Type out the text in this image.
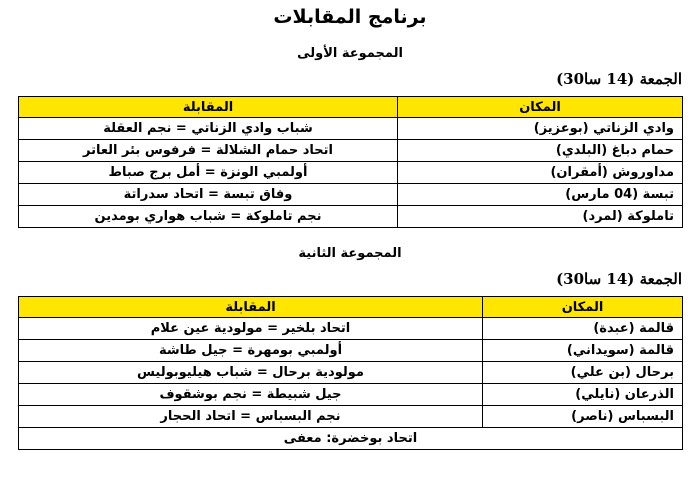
برنامج المقابلات
المجموعة الأولى
الجمعة (14 سا30)
المكان	المقابلة
وادي الزناتي (بوعزيز)	شباب وادي الزناتي = نجم العقلة
حمام دباغ (البلدي)	اتحاد حمام الشلالة = فرفوس بئر العاتر
مداوروش (أمقران)	أولمبي الونزة = أمل برج صباط
تبسة (04 مارس)	وفاق تبسة = اتحاد سدراتة
تاملوكة (لمرد)	نجم تاملوكة = شباب هواري بومدين
المجموعة الثانية
الجمعة (14 سا30)
المكان	المقابلة
قالمة (عبدة)	اتحاد بلخير = مولودية عين علام
قالمة (سويداني)	أولمبي بومهرة = جيل طاشة
برحال (بن علي)	مولودية برحال = شباب هيليوبوليس
الذرعان (نايلي)	جيل شبيطة = نجم بوشقوف
البسباس (ناصر)	نجم البسباس = اتحاد الحجار
اتحاد بوخضرة: معفى	
